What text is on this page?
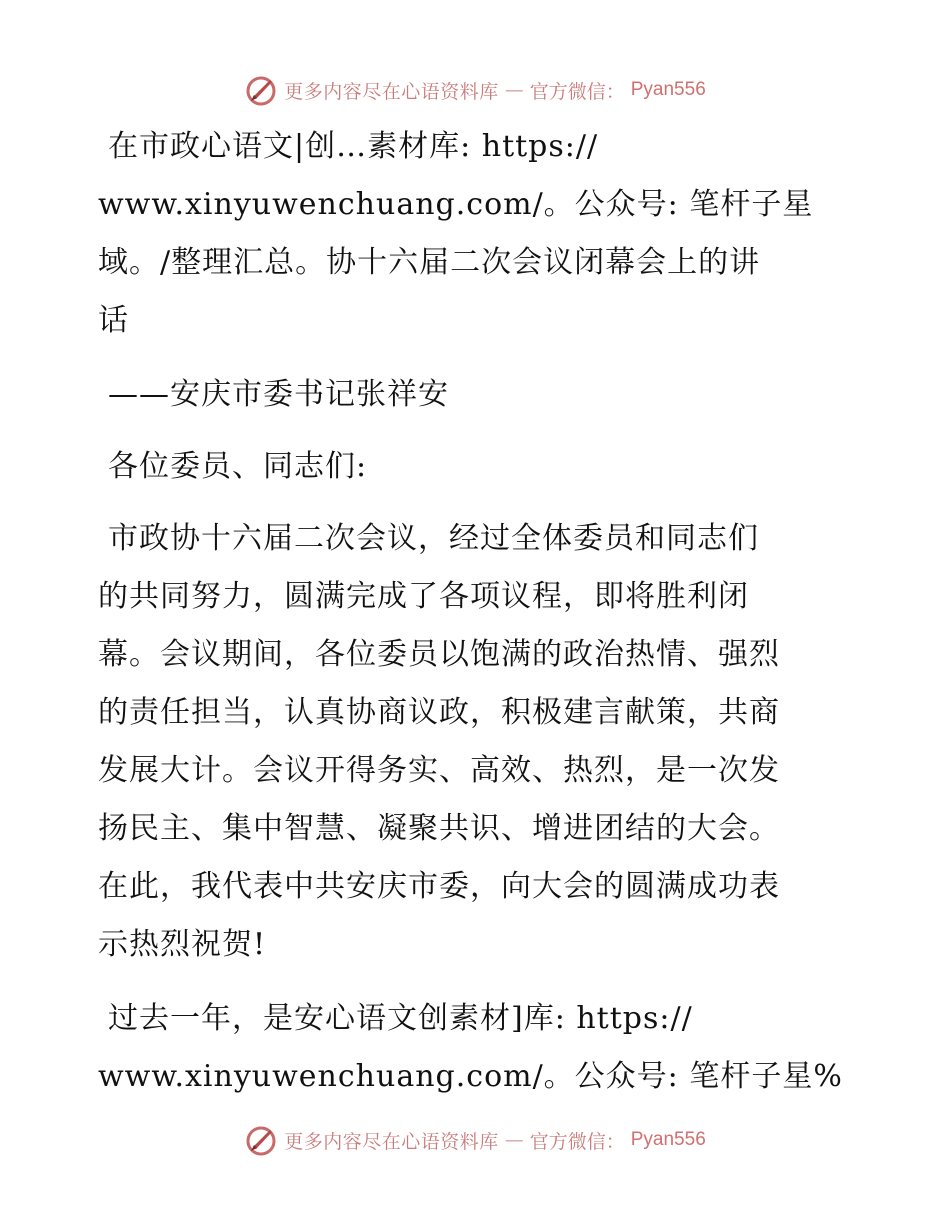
更多内容尽在心语资料库 — 官方微信： Pyan556

在市政心语文|创…素材库: https://
www.xinyuwenchuang.com/。公众号: 笔杆子星
域。/整理汇总。协十六届二次会议闭幕会上的讲
话

——安庆市委书记张祥安

各位委员、同志们:

市政协十六届二次会议，经过全体委员和同志们
的共同努力，圆满完成了各项议程，即将胜利闭
幕。会议期间，各位委员以饱满的政治热情、强烈
的责任担当，认真协商议政，积极建言献策，共商
发展大计。会议开得务实、高效、热烈，是一次发
扬民主、集中智慧、凝聚共识、增进团结的大会。
在此，我代表中共安庆市委，向大会的圆满成功表
示热烈祝贺!

过去一年，是安心语文创素材]库: https://
www.xinyuwenchuang.com/。公众号: 笔杆子星%

更多内容尽在心语资料库 — 官方微信： Pyan556
